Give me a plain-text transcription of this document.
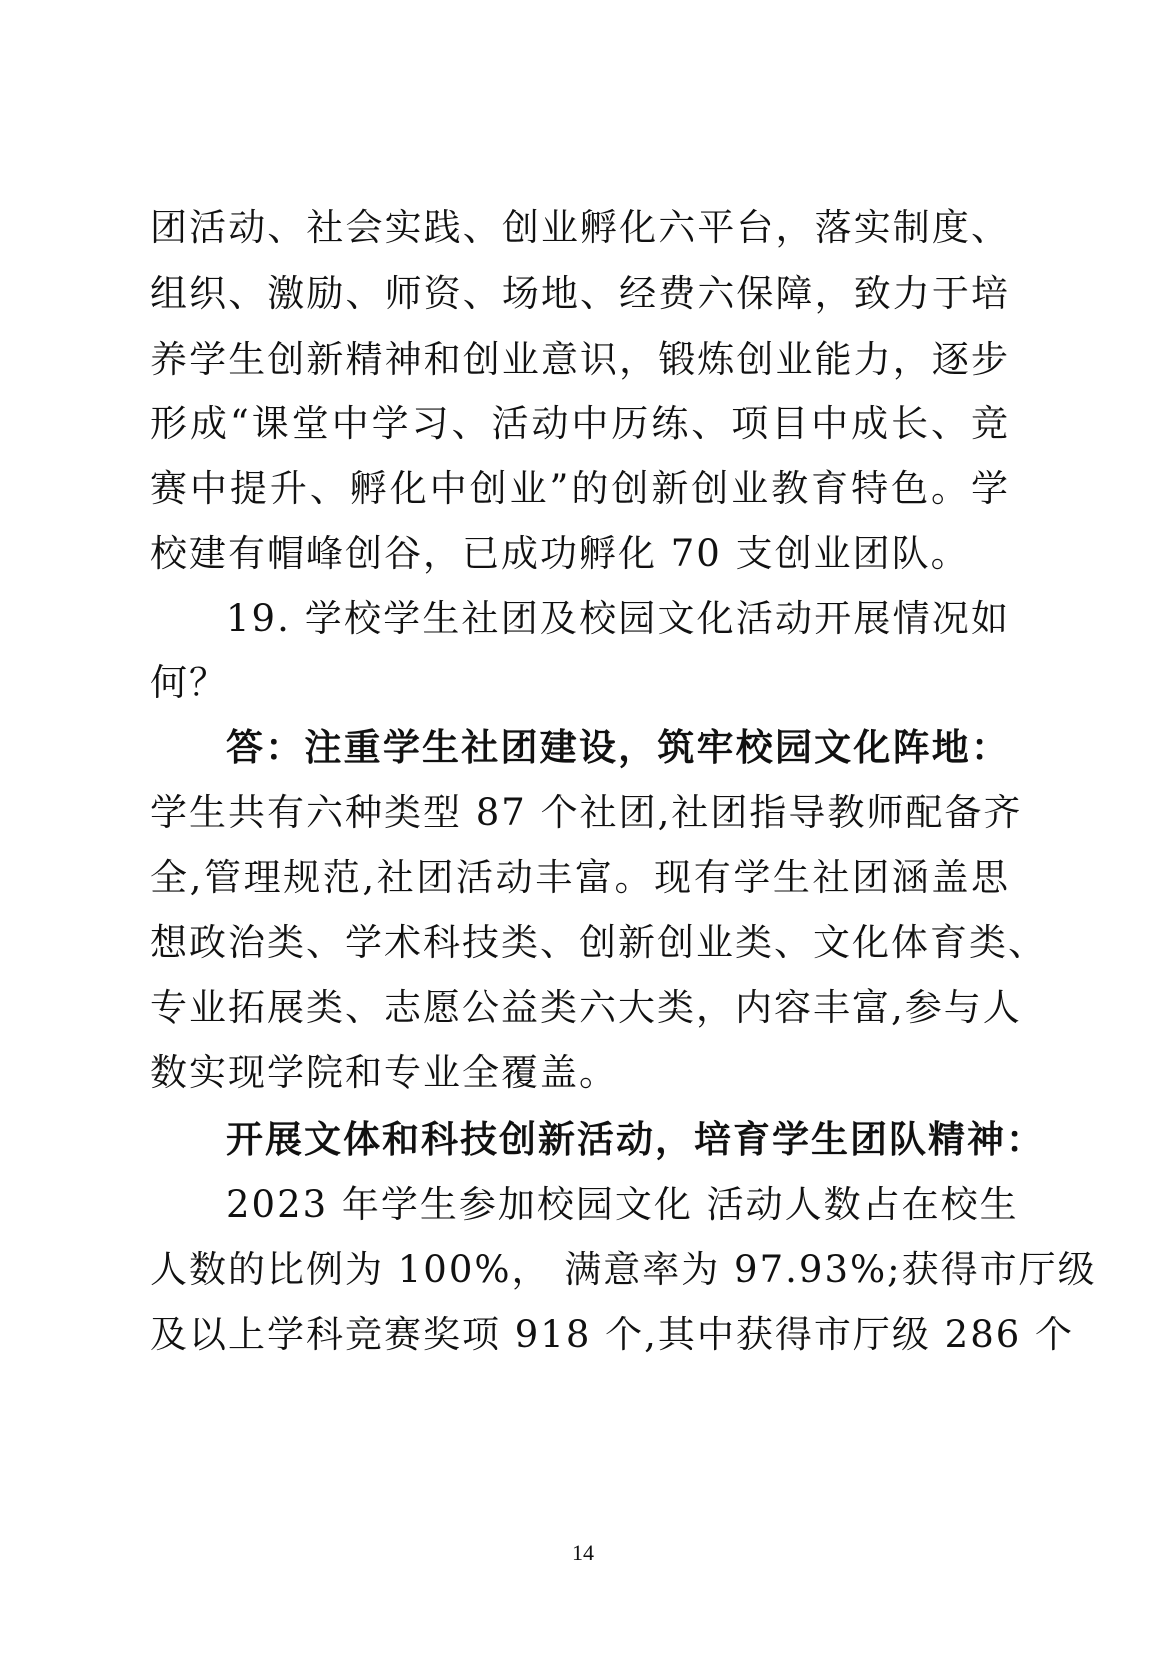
团活动、社会实践、创业孵化六平台，落实制度、
组织、激励、师资、场地、经费六保障，致力于培
养学生创新精神和创业意识，锻炼创业能力，逐步
形成“课堂中学习、活动中历练、项目中成长、竞
赛中提升、孵化中创业”的创新创业教育特色。学
校建有帽峰创谷，已成功孵化 70 支创业团队。
19. 学校学生社团及校园文化活动开展情况如
何？
答：注重学生社团建设，筑牢校园文化阵地：
学生共有六种类型 87 个社团,社团指导教师配备齐
全,管理规范,社团活动丰富。现有学生社团涵盖思
想政治类、学术科技类、创新创业类、文化体育类、
专业拓展类、志愿公益类六大类，内容丰富,参与人
数实现学院和专业全覆盖。
开展文体和科技创新活动，培育学生团队精神：
2023 年学生参加校园文化 活动人数占在校生
人数的比例为 100%， 满意率为 97.93%;获得市厅级
及以上学科竞赛奖项 918 个,其中获得市厅级 286 个
14
